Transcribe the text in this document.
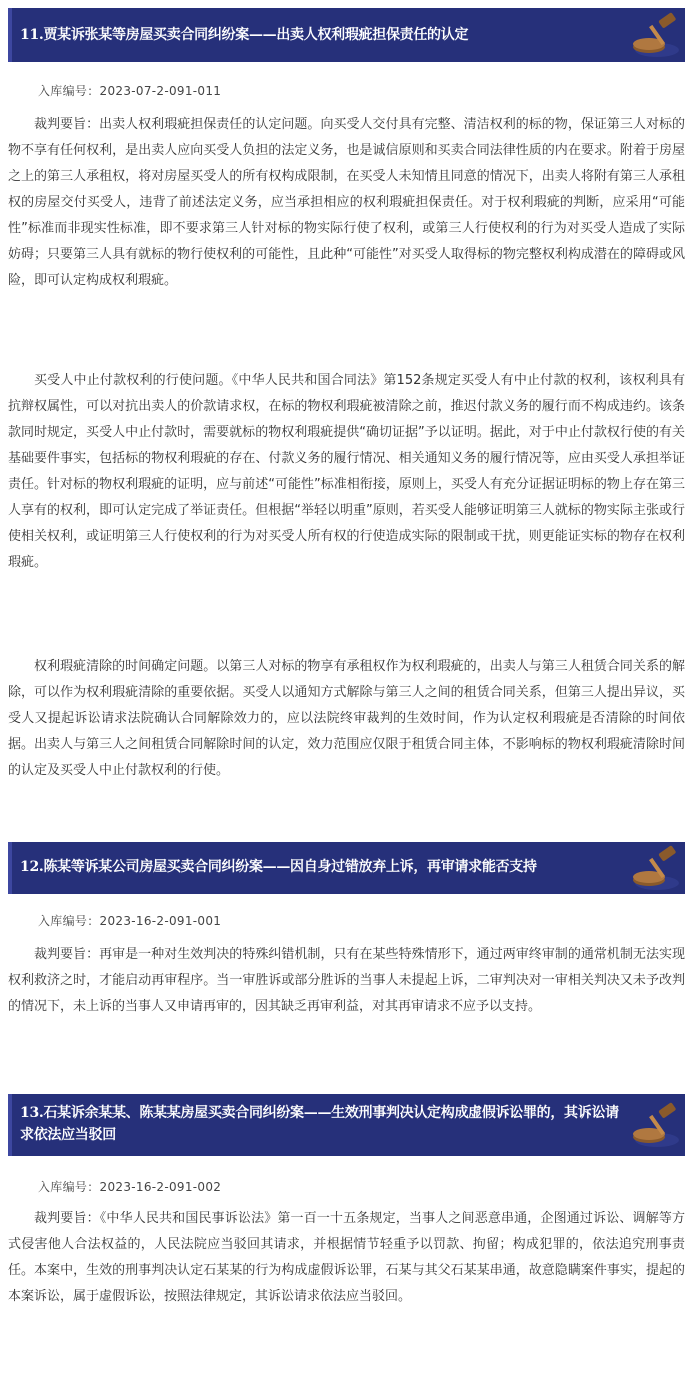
11.贾某诉张某等房屋买卖合同纠纷案——出卖人权利瑕疵担保责任的认定
入库编号：2023-07-2-091-011

裁判要旨：出卖人权利瑕疵担保责任的认定问题。向买受人交付具有完整、清洁权利的标的物，保证第三人对标的物不享有任何权利，是出卖人应向买受人负担的法定义务，也是诚信原则和买卖合同法律性质的内在要求。附着于房屋之上的第三人承租权，将对房屋买受人的所有权构成限制，在买受人未知情且同意的情况下，出卖人将附有第三人承租权的房屋交付买受人，违背了前述法定义务，应当承担相应的权利瑕疵担保责任。对于权利瑕疵的判断，应采用“可能性”标准而非现实性标准，即不要求第三人针对标的物实际行使了权利，或第三人行使权利的行为对买受人造成了实际妨碍；只要第三人具有就标的物行使权利的可能性，且此种“可能性”对买受人取得标的物完整权利构成潜在的障碍或风险，即可认定构成权利瑕疵。

买受人中止付款权利的行使问题。《中华人民共和国合同法》第152条规定买受人有中止付款的权利，该权利具有抗辩权属性，可以对抗出卖人的价款请求权，在标的物权利瑕疵被清除之前，推迟付款义务的履行而不构成违约。该条款同时规定，买受人中止付款时，需要就标的物权利瑕疵提供“确切证据”予以证明。据此，对于中止付款权行使的有关基础要件事实，包括标的物权利瑕疵的存在、付款义务的履行情况、相关通知义务的履行情况等，应由买受人承担举证责任。针对标的物权利瑕疵的证明，应与前述“可能性”标准相衔接，原则上，买受人有充分证据证明标的物上存在第三人享有的权利，即可认定完成了举证责任。但根据“举轻以明重”原则，若买受人能够证明第三人就标的物实际主张或行使相关权利，或证明第三人行使权利的行为对买受人所有权的行使造成实际的限制或干扰，则更能证实标的物存在权利瑕疵。

权利瑕疵清除的时间确定问题。以第三人对标的物享有承租权作为权利瑕疵的，出卖人与第三人租赁合同关系的解除，可以作为权利瑕疵清除的重要依据。买受人以通知方式解除与第三人之间的租赁合同关系，但第三人提出异议，买受人又提起诉讼请求法院确认合同解除效力的，应以法院终审裁判的生效时间，作为认定权利瑕疵是否清除的时间依据。出卖人与第三人之间租赁合同解除时间的认定，效力范围应仅限于租赁合同主体，不影响标的物权利瑕疵清除时间的认定及买受人中止付款权利的行使。

12.陈某等诉某公司房屋买卖合同纠纷案——因自身过错放弃上诉，再审请求能否支持
入库编号：2023-16-2-091-001

裁判要旨：再审是一种对生效判决的特殊纠错机制，只有在某些特殊情形下，通过两审终审制的通常机制无法实现权利救济之时，才能启动再审程序。当一审胜诉或部分胜诉的当事人未提起上诉，二审判决对一审相关判决又未予改判的情况下，未上诉的当事人又申请再审的，因其缺乏再审利益，对其再审请求不应予以支持。

13.石某诉余某某、陈某某房屋买卖合同纠纷案——生效刑事判决认定构成虚假诉讼罪的，其诉讼请求依法应当驳回
入库编号：2023-16-2-091-002

裁判要旨：《中华人民共和国民事诉讼法》第一百一十五条规定，当事人之间恶意串通，企图通过诉讼、调解等方式侵害他人合法权益的，人民法院应当驳回其请求，并根据情节轻重予以罚款、拘留；构成犯罪的，依法追究刑事责任。本案中，生效的刑事判决认定石某某的行为构成虚假诉讼罪，石某与其父石某某串通，故意隐瞒案件事实，提起的本案诉讼，属于虚假诉讼，按照法律规定，其诉讼请求依法应当驳回。
